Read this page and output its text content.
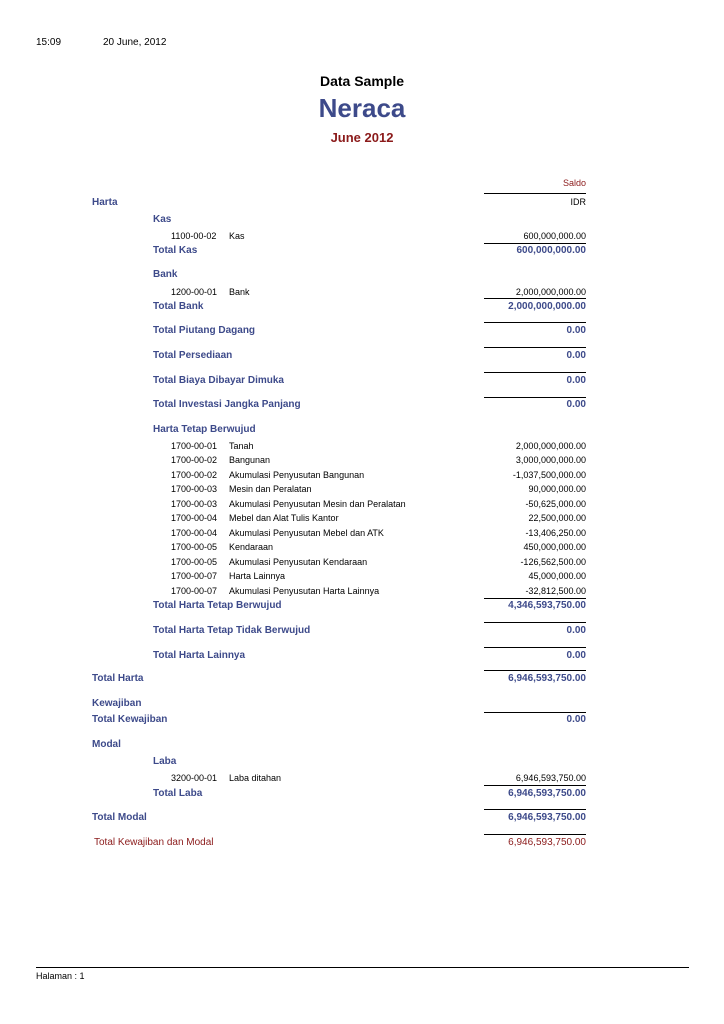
15:09	20 June, 2012
Data Sample
Neraca
June 2012
Saldo
IDR
Harta
Kas
1100-00-02	Kas	600,000,000.00
Total Kas	600,000,000.00
Bank
1200-00-01	Bank	2,000,000,000.00
Total Bank	2,000,000,000.00
Total Piutang Dagang	0.00
Total Persediaan	0.00
Total Biaya Dibayar Dimuka	0.00
Total Investasi Jangka Panjang	0.00
Harta Tetap Berwujud
1700-00-01	Tanah	2,000,000,000.00
1700-00-02	Bangunan	3,000,000,000.00
1700-00-02	Akumulasi Penyusutan Bangunan	-1,037,500,000.00
1700-00-03	Mesin dan Peralatan	90,000,000.00
1700-00-03	Akumulasi Penyusutan Mesin dan Peralatan	-50,625,000.00
1700-00-04	Mebel dan Alat Tulis Kantor	22,500,000.00
1700-00-04	Akumulasi Penyusutan Mebel dan ATK	-13,406,250.00
1700-00-05	Kendaraan	450,000,000.00
1700-00-05	Akumulasi Penyusutan Kendaraan	-126,562,500.00
1700-00-07	Harta Lainnya	45,000,000.00
1700-00-07	Akumulasi Penyusutan Harta Lainnya	-32,812,500.00
Total Harta Tetap Berwujud	4,346,593,750.00
Total Harta Tetap Tidak Berwujud	0.00
Total Harta Lainnya	0.00
Total Harta	6,946,593,750.00
Kewajiban
Total Kewajiban	0.00
Modal
Laba
3200-00-01	Laba ditahan	6,946,593,750.00
Total Laba	6,946,593,750.00
Total Modal	6,946,593,750.00
Total Kewajiban dan Modal	6,946,593,750.00
Halaman : 1
